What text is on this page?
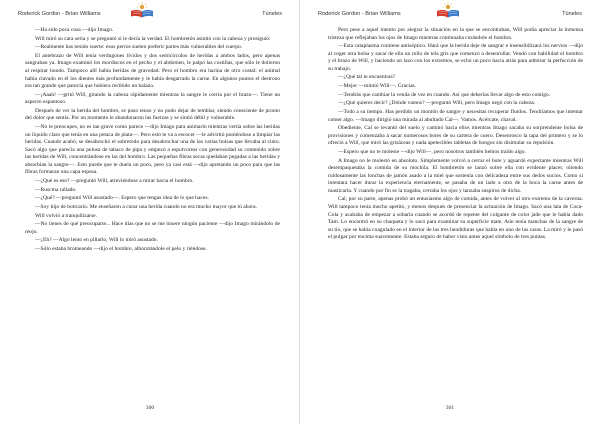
Roderick Gordon - Brian Williams	Túneles

—Ha sido poca cosa —dijo Imago.

Will miró su cara seria y se preguntó si le decía la verdad. El hombretón asintió con la cabeza y prosiguió:

—Realmente has tenido suerte: esos perros suelen preferir partes más vulnerables del cuerpo.

El antebrazo de Will tenía verdugones lívidos y dos semicírculos de heridas a ambos lados, pero apenas sangraban ya. Imago examinó los mordiscos en el pecho y el abdomen, le palpó las costillas, que sólo le dolieron al respirar hondo. Tampoco allí había heridas de gravedad. Pero el hombro era harina de otro costal: el animal había clavado en él los dientes más profundamente y le había desgarrado la carne. En algunos puntos el destrozo era tan grande que parecía que hubiera recibido un balazo.

—¡Aaah! —gritó Will, girando la cabeza rápidamente mientras la sangre le corría por el brazo—. Tiene un aspecto espantoso.

Después de ver la herida del hombro, se puso tenso y no pudo dejar de temblar, siendo consciente de pronto del dolor que sentía. Por un momento le abandonaron las fuerzas y se sintió débil y vulnerable.

—No te preocupes, no es tan grave como parece —dijo Imago para animarlo mientras vertía sobre las heridas un líquido claro que tenía en una petaca de plata—. Pero esto te va a escocer —le advirtió poniéndose a limpiar las heridas. Cuando acabó, se desabrochó el sobretodo para desabrochar una de las varias bolsas que llevaba al cinto. Sacó algo que parecía una pelusa de tabaco de pipa y empezó a espolvorear con generosidad su contenido sobre las heridas de Will, concentrándose en las del hombro. Las pequeñas fibras secas quedaban pegadas a las heridas y absorbían la sangre—. Esto puede que te duela un poco, pero ya casi está —dijo apretando un poco para que las fibras formaran una capa espesa.

—¿Qué es eso? —preguntó Will, atreviéndose a mirar hacia el hombro.

—Ruscma rallado.

—¿Qué? —preguntó Will asustado—. Espero que tengas idea de lo que haces.

—Soy hijo de boticario. Me enseñaron a curar una herida cuando no era mucho mayor que tú ahora.

Will volvió a tranquilizarse.

—No tienes de qué preocuparte... Hace días que no se me muere ningún paciente —dijo Imago mirándolo de reojo.

—¿Eh? —Algo lento en pillarlo, Will lo miró asustado.

—Sólo estaba bromeando —dijo el hombre, alborotándole el pelo y riéndose.

300
Roderick Gordon - Brian Williams	Túneles

Pero pese a aquel intento por alegrar la situación en la que se encontraban, Will podía apreciar la inmensa tristeza que reflejaban los ojos de Imago mientras continuaba curándole el hombro.

—Esta cataplasma contiene antiséptico. Hará que la herida deje de sangrar e insensibilizará los nervios —dijo al coger otra bolsa y sacar de ella un rollo de tela gris que comenzó a desenrollar. Vendó con habilidad el hombro y el brazo de Will, y haciendo un lazo con los extremos, se echó un poco hacia atrás para admirar la perfección de su trabajo.

—¿Qué tal te encuentras?

—Mejor —mintió Will—. Gracias.

—Tendrás que cambiar la venda de vez en cuando. Así que deberías llevar algo de esto contigo.

—¿Qué quieres decir? ¿Dónde vamos? —preguntó Will, pero Imago negó con la cabeza.

—Todo a su tiempo. Has perdido un montón de sangre y necesitas recuperar fluidos. Tendríamos que intentar comer algo. —Imago dirigió una mirada al abultado Cal—. Vamos. Acércate, chaval.

Obediente, Cal se levantó del suelo y caminó hacia ellos mientras Imago sacaba su sorprendente bolsa de provisiones y comenzaba a sacar numerosos botes de su cartera de cuero. Desenrosco la tapa del primero y se lo ofreció a Will, que miró las grisáceas y nada apetecibles tabletas de hongos sin disimular su repulsión.

—Espero que no te moleste —dijo Will—, pero nosotros también hemos traído algo.

A Imago no le molestó en absoluto. Simplemente volvió a cerrar el bote y aguardó expectante mientras Will desempaquetaba la comida de su mochila. El hombretón se lanzó sobre ella con evidente placer, oliendo ruidosamente las lonchas de jamón asado a la miel que sostenía con delicadeza entre sus dedos sucios. Como si intentara hacer durar la experiencia eternamente, se pasaba de un lado a otro de la boca la carne antes de masticarla. Y cuando por fin se la tragaba, cerraba los ojos y lanzaba suspiros de dicha.

Cal, por su parte, apenas probó un entusiasmo algo de comida, antes de volver al otro extremo de la caverna. Will tampoco tenía mucho apetito, y menos después de presenciar la actuación de Imago. Sacó una lata de Coca-Cola y acababa de empezar a sobarla cuando se acordó de repente del colgante de color jade que le había dado Tam. Lo encontró en su chaqueta y lo sacó para examinar su superficie mate. Aún tenía manchas de la sangre de su tío, que se había coagulado en el interior de las tres hendiduras que había en uno de las caras. La miró y le pasó el pulgar por encima suavemente. Estaba seguro de haber visto antes aquel símbolo de tres puntas.

301
